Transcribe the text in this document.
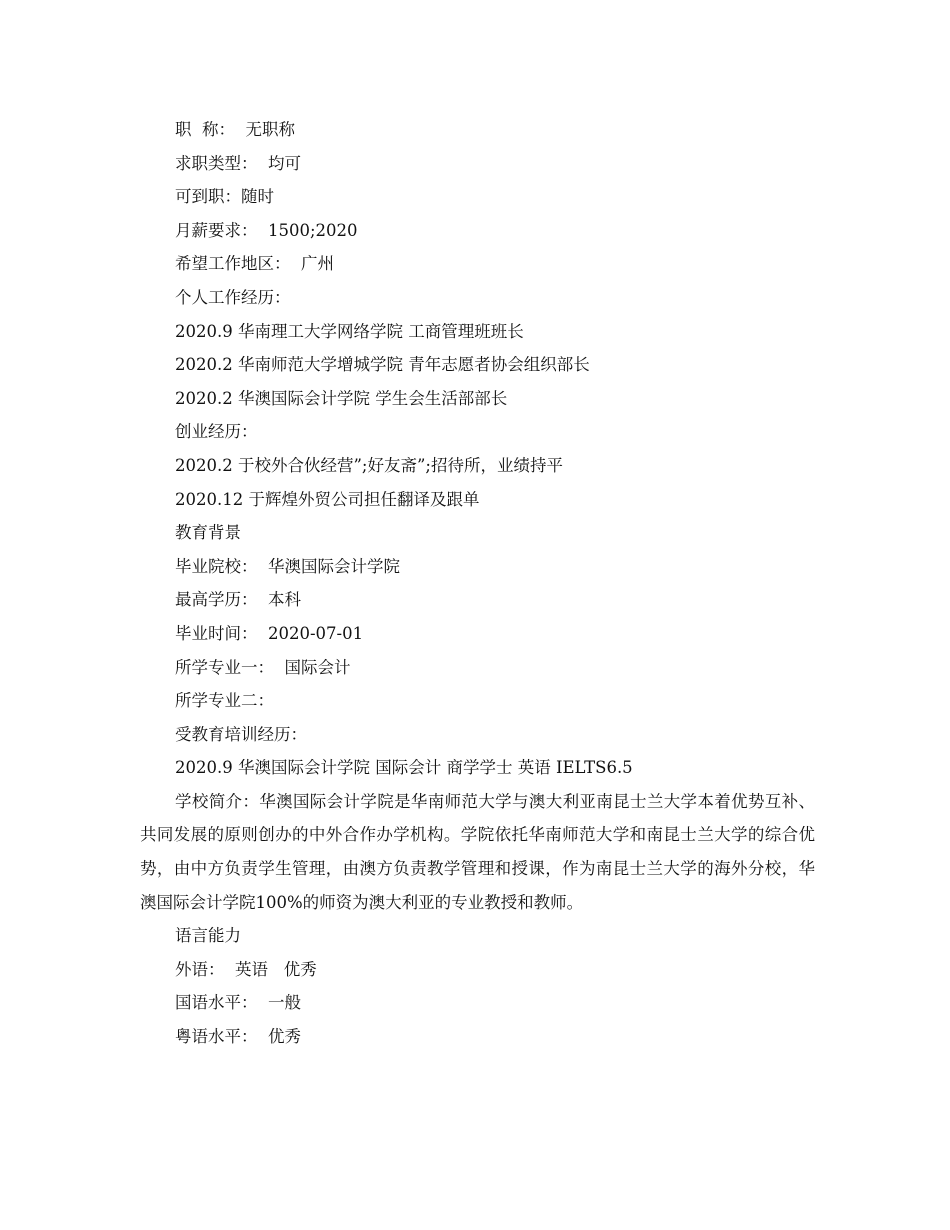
职  称：  无职称
求职类型：  均可
可到职：随时
月薪要求：  1500;2020
希望工作地区：  广州
个人工作经历：
2020.9 华南理工大学网络学院 工商管理班班长
2020.2 华南师范大学增城学院 青年志愿者协会组织部长
2020.2 华澳国际会计学院 学生会生活部部长
创业经历：
2020.2 于校外合伙经营”;好友斋”;招待所，业绩持平
2020.12 于辉煌外贸公司担任翻译及跟单
教育背景
毕业院校：  华澳国际会计学院
最高学历：  本科
毕业时间：  2020-07-01
所学专业一：  国际会计
所学专业二：
受教育培训经历：
2020.9 华澳国际会计学院 国际会计 商学学士 英语 IELTS6.5
学校简介：华澳国际会计学院是华南师范大学与澳大利亚南昆士兰大学本着优势互补、共同发展的原则创办的中外合作办学机构。学院依托华南师范大学和南昆士兰大学的综合优势，由中方负责学生管理，由澳方负责教学管理和授课，作为南昆士兰大学的海外分校，华澳国际会计学院100%的师资为澳大利亚的专业教授和教师。
语言能力
外语：  英语   优秀
国语水平：  一般
粤语水平：  优秀
